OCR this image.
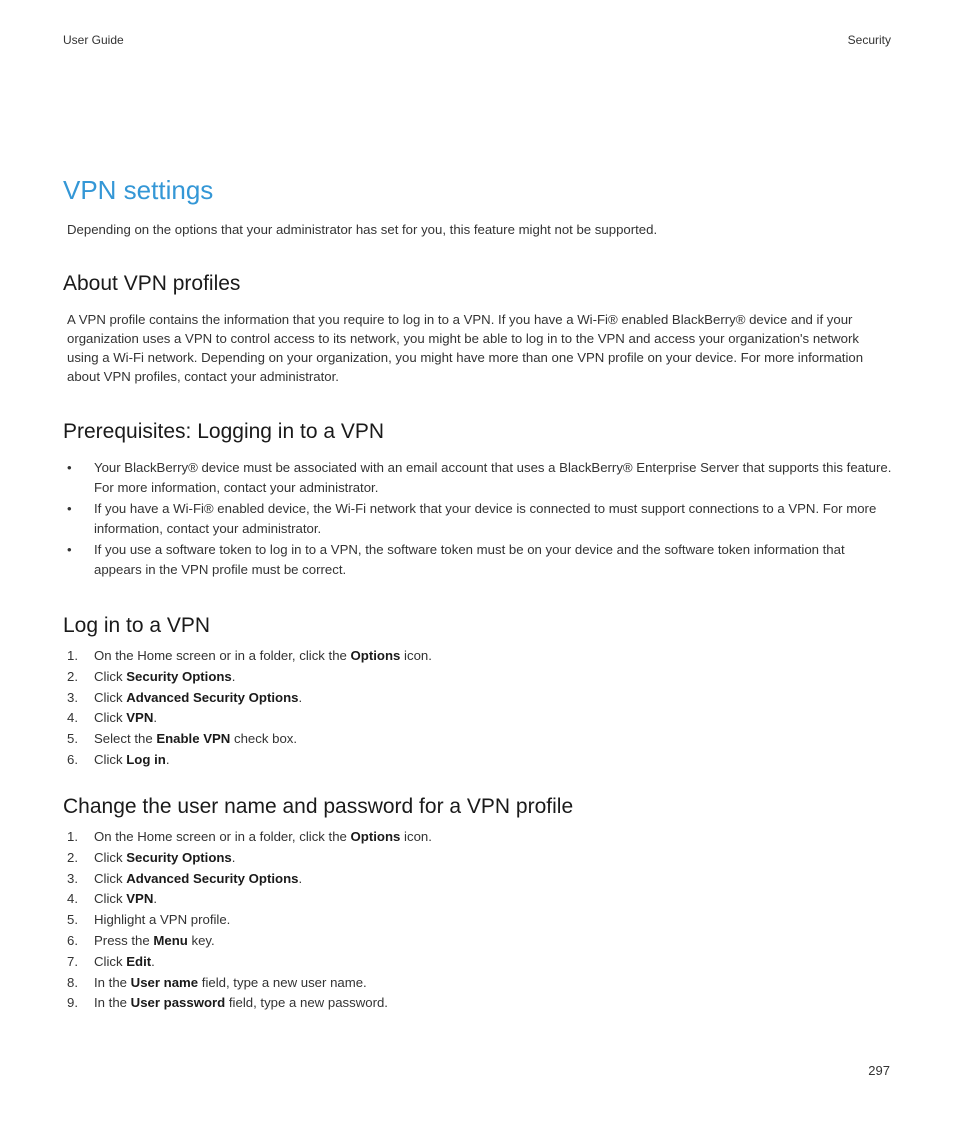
User Guide	Security
VPN settings

Depending on the options that your administrator has set for you, this feature might not be supported.

About VPN profiles

A VPN profile contains the information that you require to log in to a VPN. If you have a Wi-Fi® enabled BlackBerry® device and if your organization uses a VPN to control access to its network, you might be able to log in to the VPN and access your organization's network using a Wi-Fi network. Depending on your organization, you might have more than one VPN profile on your device. For more information about VPN profiles, contact your administrator.

Prerequisites: Logging in to a VPN
• Your BlackBerry® device must be associated with an email account that uses a BlackBerry® Enterprise Server that supports this feature. For more information, contact your administrator.
• If you have a Wi-Fi® enabled device, the Wi-Fi network that your device is connected to must support connections to a VPN. For more information, contact your administrator.
• If you use a software token to log in to a VPN, the software token must be on your device and the software token information that appears in the VPN profile must be correct.
Log in to a VPN
1. On the Home screen or in a folder, click the Options icon.
2. Click Security Options.
3. Click Advanced Security Options.
4. Click VPN.
5. Select the Enable VPN check box.
6. Click Log in.
Change the user name and password for a VPN profile
1. On the Home screen or in a folder, click the Options icon.
2. Click Security Options.
3. Click Advanced Security Options.
4. Click VPN.
5. Highlight a VPN profile.
6. Press the Menu key.
7. Click Edit.
8. In the User name field, type a new user name.
9. In the User password field, type a new password.
297
